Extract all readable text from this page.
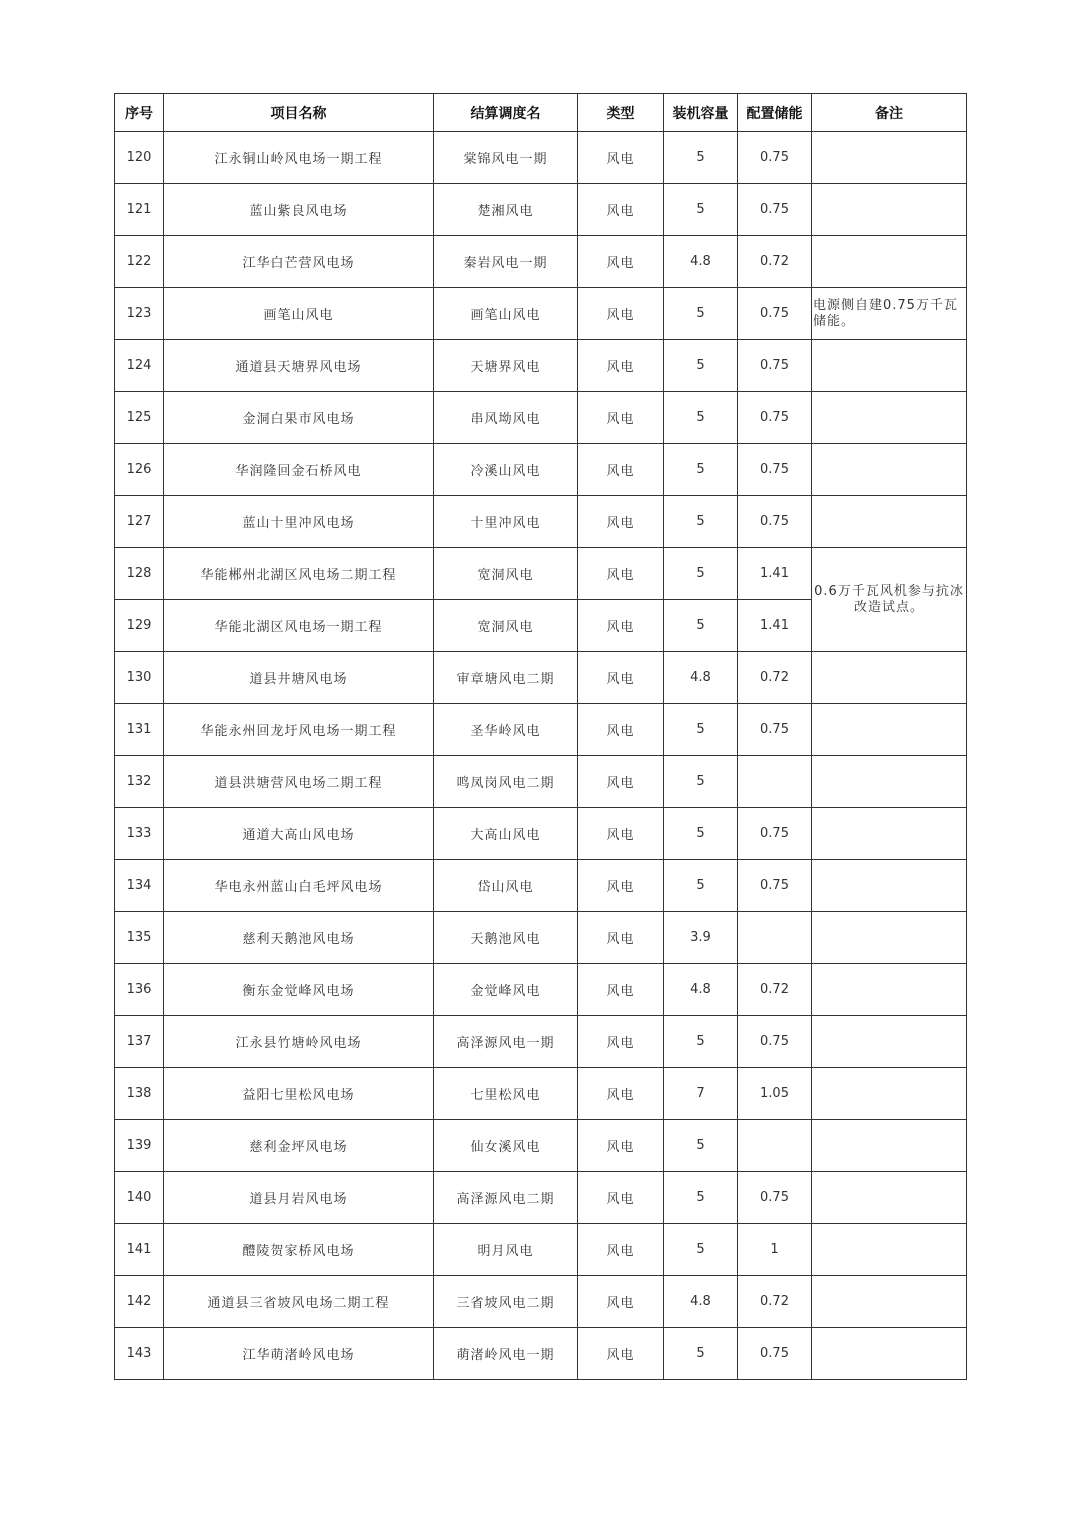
序号	项目名称	结算调度名	类型	装机容量	配置储能	备注
120	江永铜山岭风电场一期工程	棠锦风电一期	风电	5	0.75	
121	蓝山紫良风电场	楚湘风电	风电	5	0.75	
122	江华白芒营风电场	秦岩风电一期	风电	4.8	0.72	
123	画笔山风电	画笔山风电	风电	5	0.75	电源侧自建0.75万千瓦储能。
124	通道县天塘界风电场	天塘界风电	风电	5	0.75	
125	金洞白果市风电场	串风坳风电	风电	5	0.75	
126	华润隆回金石桥风电	冷溪山风电	风电	5	0.75	
127	蓝山十里冲风电场	十里冲风电	风电	5	0.75	
128	华能郴州北湖区风电场二期工程	宽洞风电	风电	5	1.41	0.6万千瓦风机参与抗冰改造试点。
129	华能北湖区风电场一期工程	宽洞风电	风电	5	1.41	
130	道县井塘风电场	审章塘风电二期	风电	4.8	0.72	
131	华能永州回龙圩风电场一期工程	圣华岭风电	风电	5	0.75	
132	道县洪塘营风电场二期工程	鸣凤岗风电二期	风电	5		
133	通道大高山风电场	大高山风电	风电	5	0.75	
134	华电永州蓝山白毛坪风电场	岱山风电	风电	5	0.75	
135	慈利天鹅池风电场	天鹅池风电	风电	3.9		
136	衡东金觉峰风电场	金觉峰风电	风电	4.8	0.72	
137	江永县竹塘岭风电场	高泽源风电一期	风电	5	0.75	
138	益阳七里松风电场	七里松风电	风电	7	1.05	
139	慈利金坪风电场	仙女溪风电	风电	5		
140	道县月岩风电场	高泽源风电二期	风电	5	0.75	
141	醴陵贺家桥风电场	明月风电	风电	5	1	
142	通道县三省坡风电场二期工程	三省坡风电二期	风电	4.8	0.72	
143	江华萌渚岭风电场	萌渚岭风电一期	风电	5	0.75	
